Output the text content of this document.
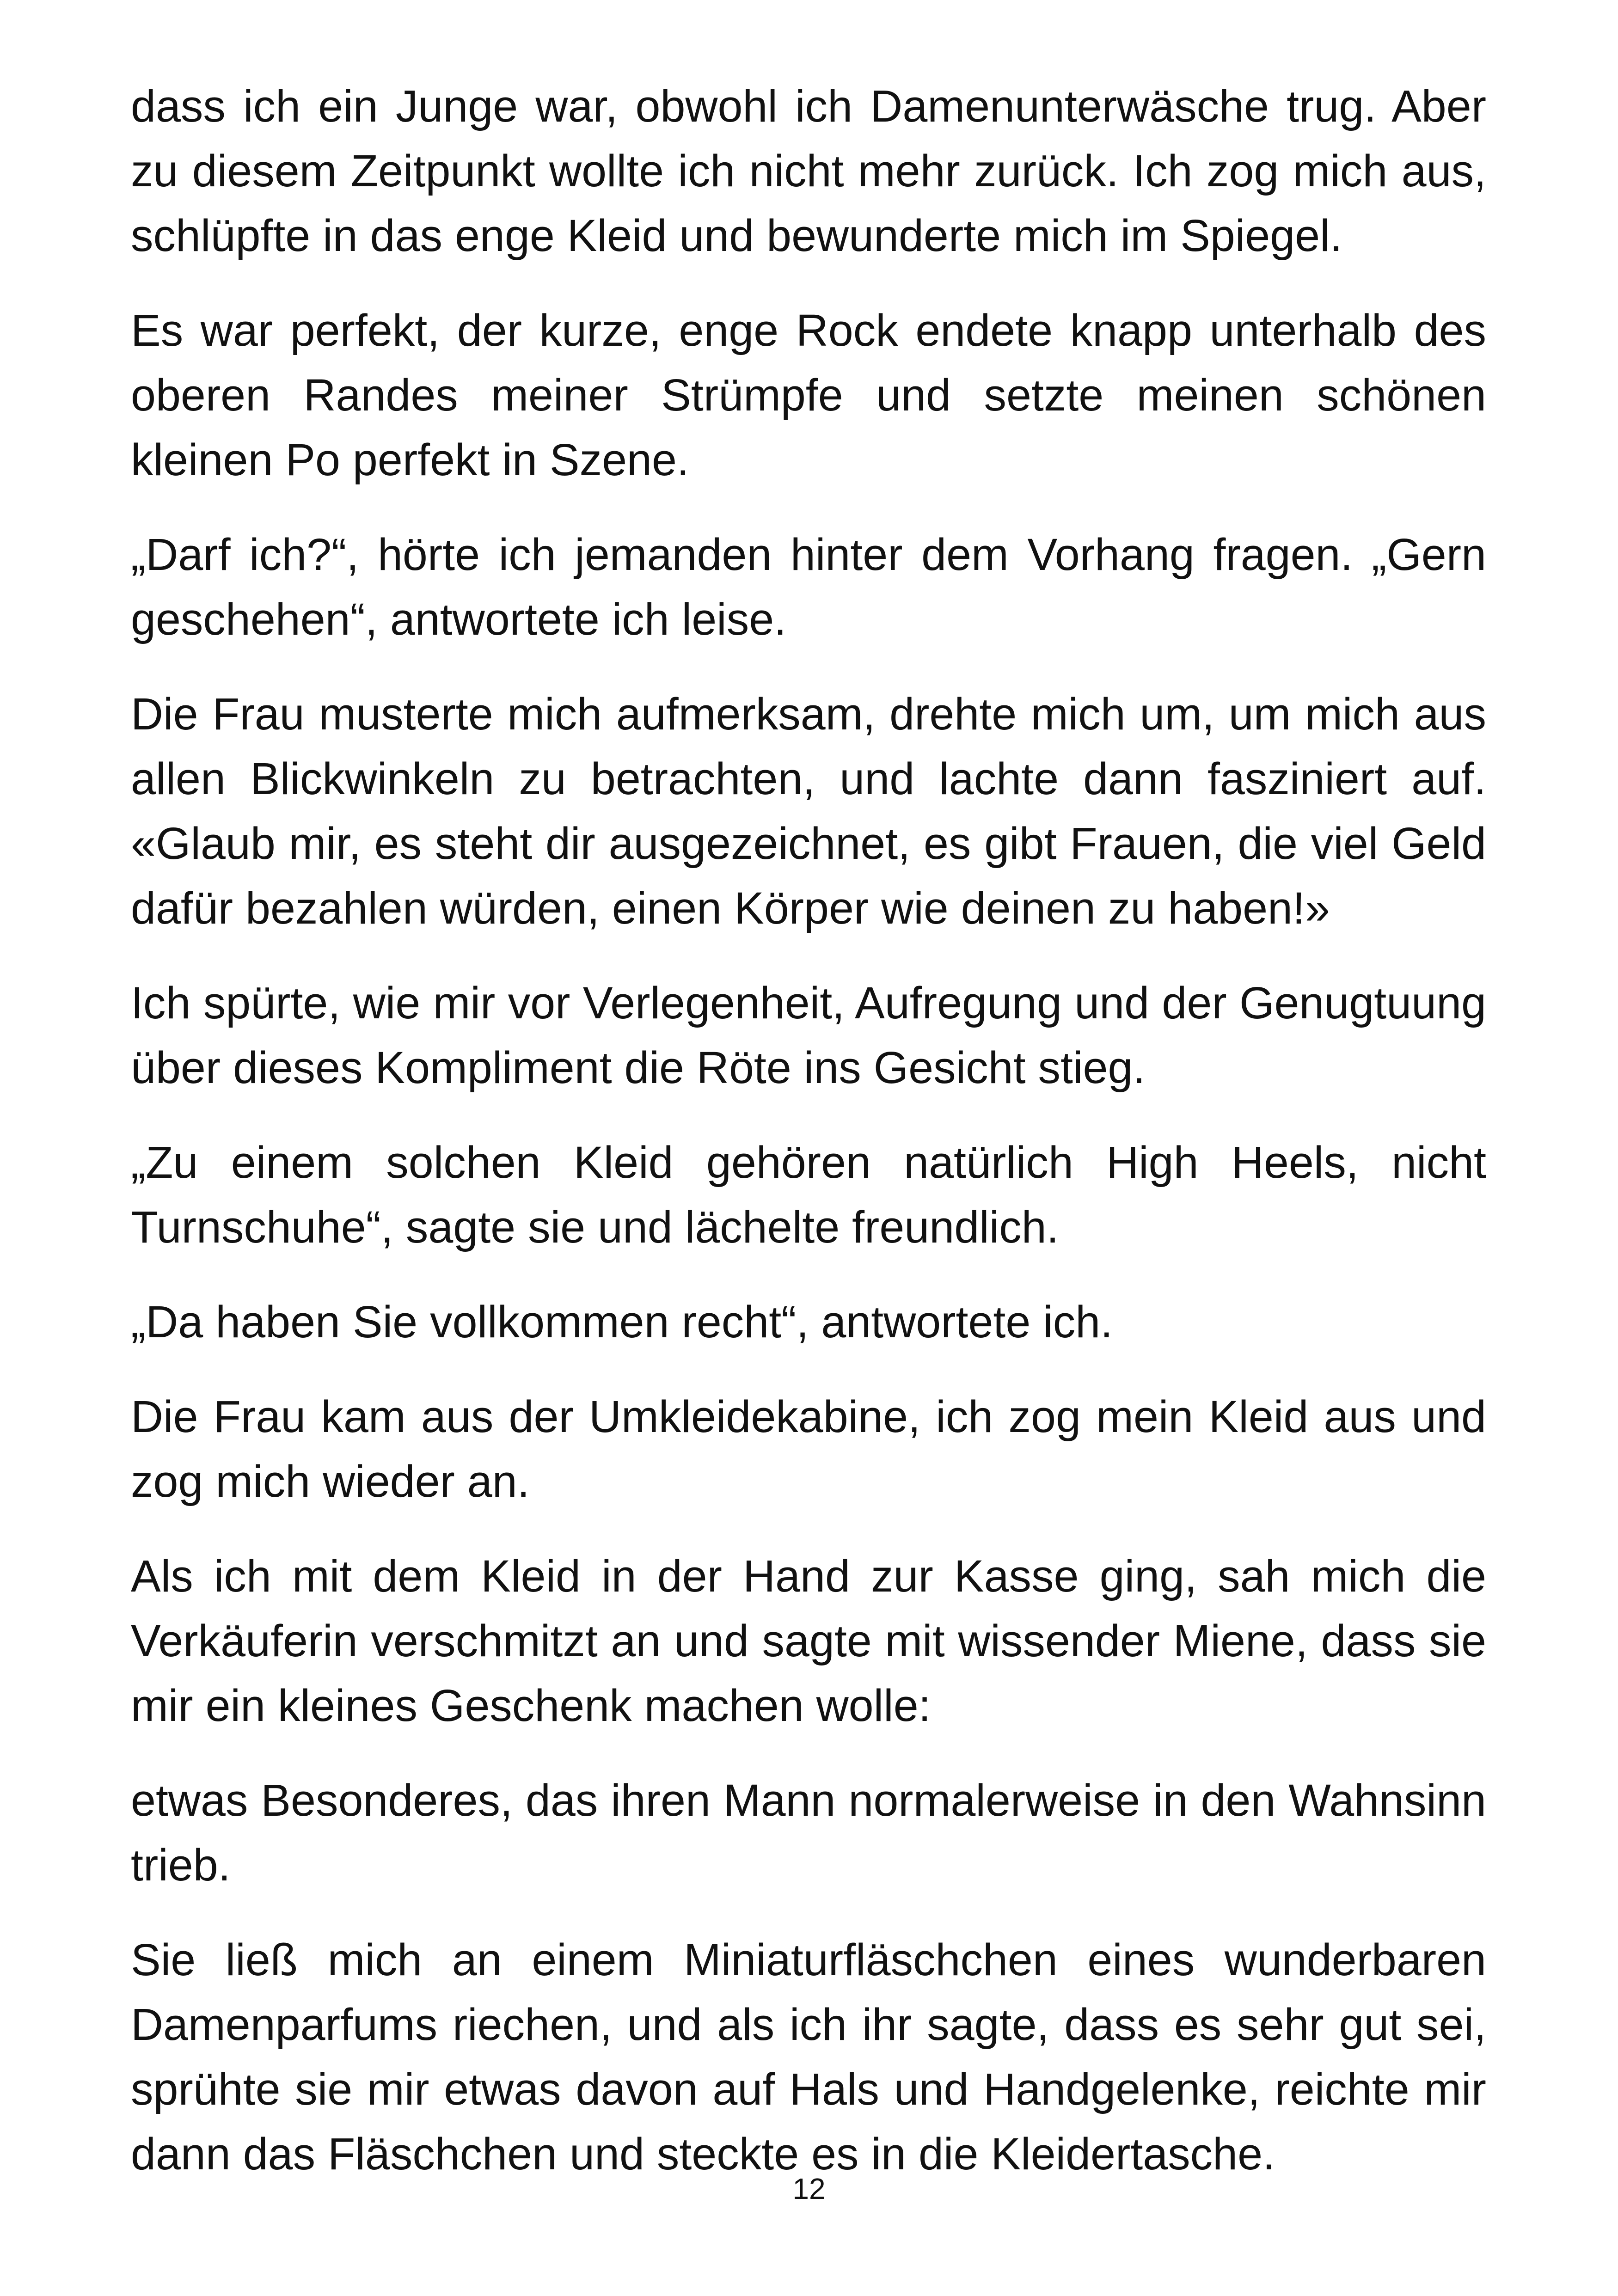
dass ich ein Junge war, obwohl ich Damenunterwäsche trug. Aber zu diesem Zeitpunkt wollte ich nicht mehr zurück. Ich zog mich aus, schlüpfte in das enge Kleid und bewunderte mich im Spiegel.

Es war perfekt, der kurze, enge Rock endete knapp unterhalb des oberen Randes meiner Strümpfe und setzte meinen schönen kleinen Po perfekt in Szene.

„Darf ich?“, hörte ich jemanden hinter dem Vorhang fragen. „Gern geschehen“, antwortete ich leise.

Die Frau musterte mich aufmerksam, drehte mich um, um mich aus allen Blickwinkeln zu betrachten, und lachte dann fasziniert auf. «Glaub mir, es steht dir ausgezeichnet, es gibt Frauen, die viel Geld dafür bezahlen würden, einen Körper wie deinen zu haben!»

Ich spürte, wie mir vor Verlegenheit, Aufregung und der Genugtuung über dieses Kompliment die Röte ins Gesicht stieg.

„Zu einem solchen Kleid gehören natürlich High Heels, nicht Turnschuhe“, sagte sie und lächelte freundlich.

„Da haben Sie vollkommen recht“, antwortete ich.

Die Frau kam aus der Umkleidekabine, ich zog mein Kleid aus und zog mich wieder an.

Als ich mit dem Kleid in der Hand zur Kasse ging, sah mich die Verkäuferin verschmitzt an und sagte mit wissender Miene, dass sie mir ein kleines Geschenk machen wolle:

etwas Besonderes, das ihren Mann normalerweise in den Wahnsinn trieb.

Sie ließ mich an einem Miniaturfläschchen eines wunderbaren Damenparfums riechen, und als ich ihr sagte, dass es sehr gut sei, sprühte sie mir etwas davon auf Hals und Handgelenke, reichte mir dann das Fläschchen und steckte es in die Kleidertasche.

12
